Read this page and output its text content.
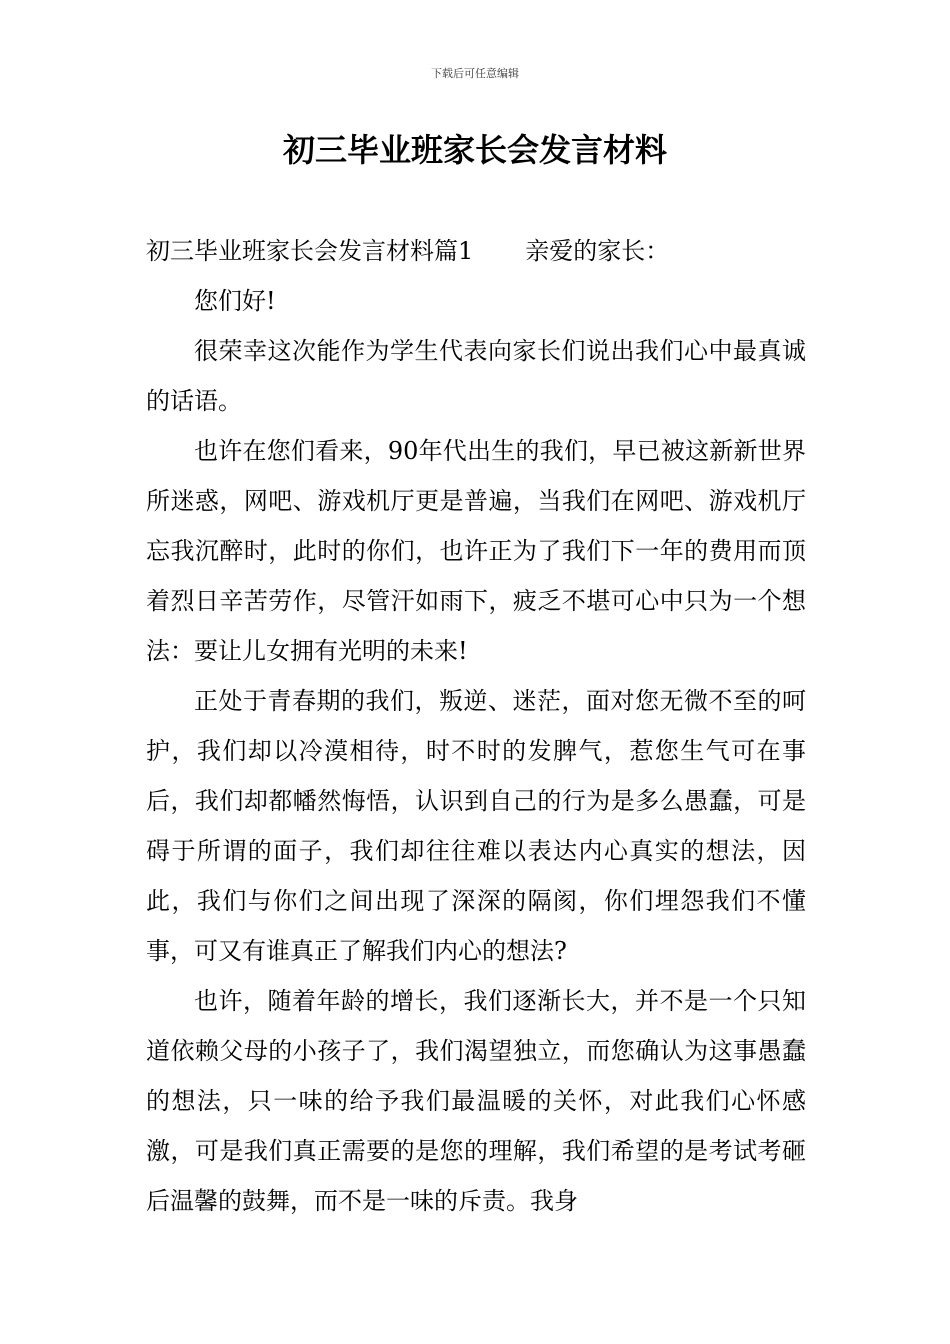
下载后可任意编辑
初三毕业班家长会发言材料

初三毕业班家长会发言材料篇1 亲爱的家长：

您们好!

很荣幸这次能作为学生代表向家长们说出我们心中最真诚的话语。

也许在您们看来，90年代出生的我们，早已被这新新世界所迷惑，网吧、游戏机厅更是普遍，当我们在网吧、游戏机厅忘我沉醉时，此时的你们，也许正为了我们下一年的费用而顶着烈日辛苦劳作，尽管汗如雨下，疲乏不堪可心中只为一个想法：要让儿女拥有光明的未来!

正处于青春期的我们，叛逆、迷茫，面对您无微不至的呵护，我们却以冷漠相待，时不时的发脾气，惹您生气可在事后，我们却都幡然悔悟，认识到自己的行为是多么愚蠢，可是碍于所谓的面子，我们却往往难以表达内心真实的想法，因此，我们与你们之间出现了深深的隔阂，你们埋怨我们不懂事，可又有谁真正了解我们内心的想法?

也许，随着年龄的增长，我们逐渐长大，并不是一个只知道依赖父母的小孩子了，我们渴望独立，而您确认为这事愚蠢的想法，只一味的给予我们最温暖的关怀，对此我们心怀感激，可是我们真正需要的是您的理解，我们希望的是考试考砸后温馨的鼓舞，而不是一味的斥责。我身
